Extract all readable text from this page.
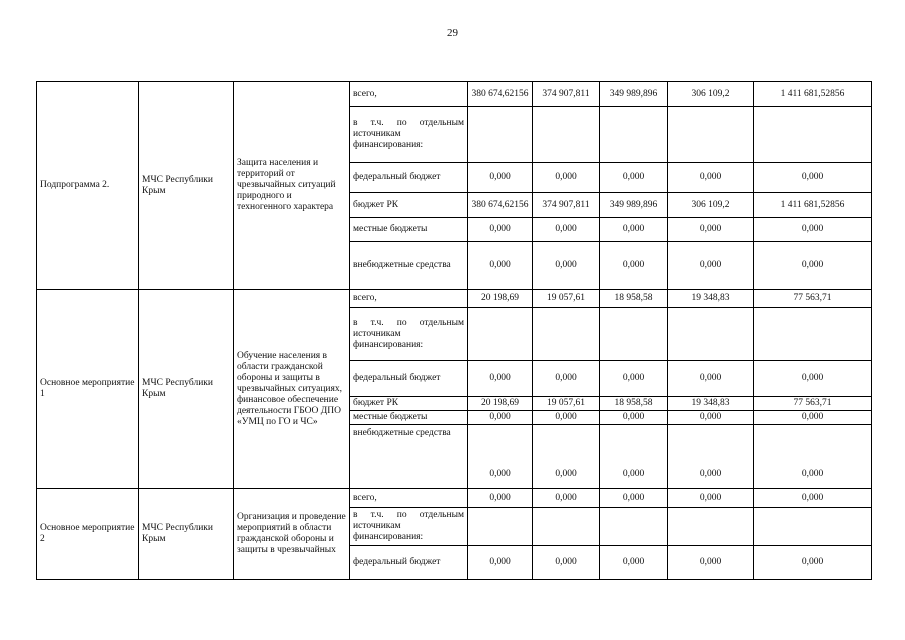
29
Подпрограмма 2.	МЧС Республики Крым	Защита населения и территорий от чрезвычайных ситуаций природного и техногенного характера	всего,	380 674,62156	374 907,811	349 989,896	306 109,2	1 411 681,52856

			в т.ч. по отдельным источникам финансирования:					

			федеральный бюджет	0,000	0,000	0,000	0,000	0,000
			бюджет РК	380 674,62156	374 907,811	349 989,896	306 109,2	1 411 681,52856
			местные бюджеты	0,000	0,000	0,000	0,000	0,000
			внебюджетные средства	0,000	0,000	0,000	0,000	0,000
Основное мероприятие 1	МЧС Республики Крым	Обучение населения в области гражданской обороны и защиты в чрезвычайных ситуациях, финансовое обеспечение деятельности ГБОО ДПО «УМЦ по ГО и ЧС»	всего,	20 198,69	19 057,61	18 958,58	19 348,83	77 563,71

			в т.ч. по отдельным источникам финансирования:					

			федеральный бюджет	0,000	0,000	0,000	0,000	0,000
			бюджет РК	20 198,69	19 057,61	18 958,58	19 348,83	77 563,71
			местные бюджеты	0,000	0,000	0,000	0,000	0,000
			внебюджетные средства	0,000	0,000	0,000	0,000	0,000
Основное мероприятие 2	МЧС Республики Крым	Организация и проведение мероприятий в области гражданской обороны и защиты в чрезвычайных	всего,	0,000	0,000	0,000	0,000	0,000

			в т.ч. по отдельным источникам финансирования:					

			федеральный бюджет	0,000	0,000	0,000	0,000	0,000
